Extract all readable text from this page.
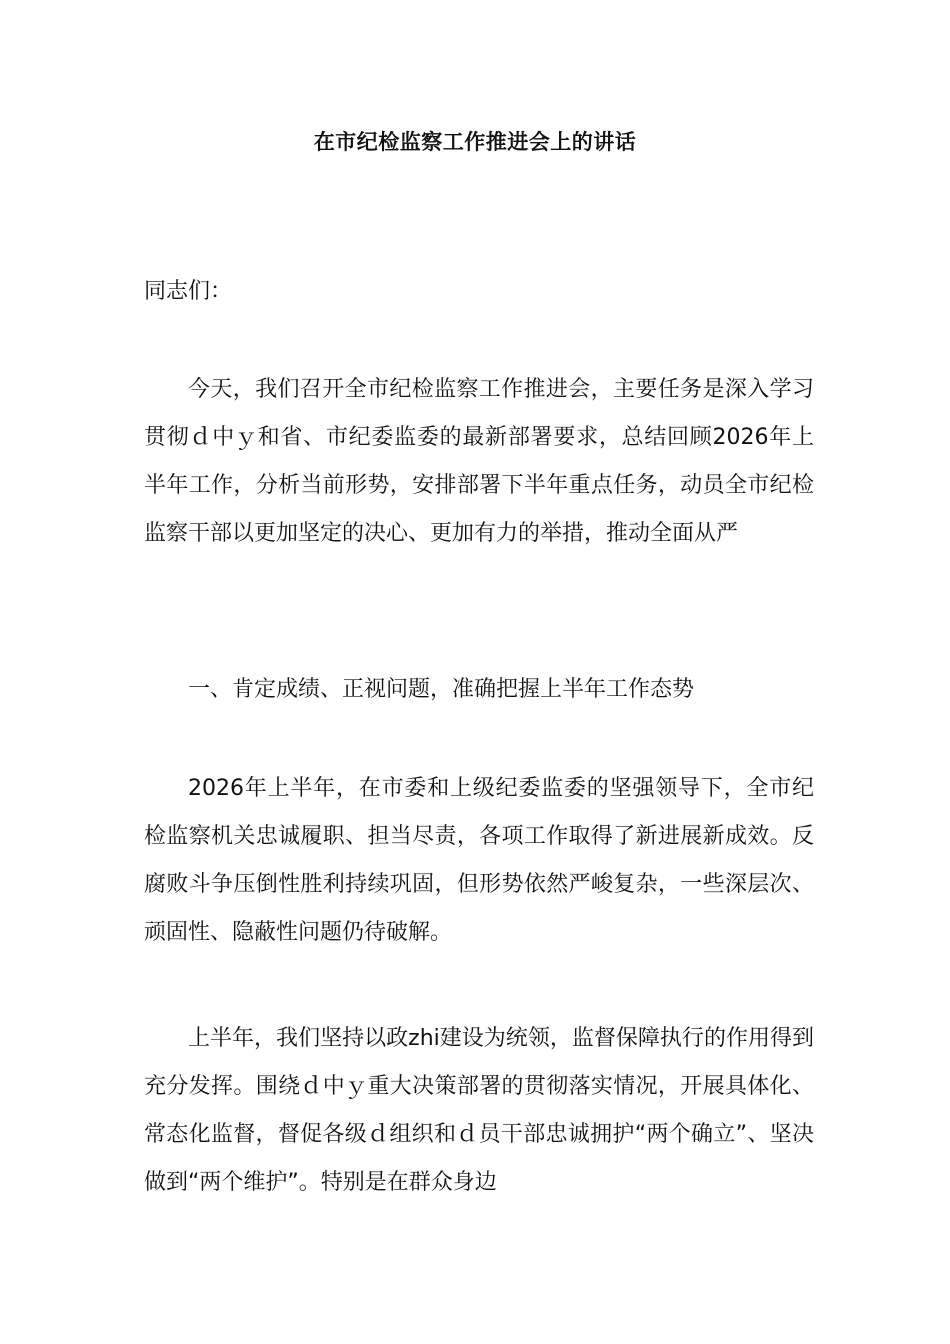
在市纪检监察工作推进会上的讲话
同志们：

今天，我们召开全市纪检监察工作推进会，主要任务是深入学习贯彻ｄ中ｙ和省、市纪委监委的最新部署要求，总结回顾2026年上半年工作，分析当前形势，安排部署下半年重点任务，动员全市纪检监察干部以更加坚定的决心、更加有力的举措，推动全面从严

一、肯定成绩、正视问题，准确把握上半年工作态势

2026年上半年，在市委和上级纪委监委的坚强领导下，全市纪检监察机关忠诚履职、担当尽责，各项工作取得了新进展新成效。反腐败斗争压倒性胜利持续巩固，但形势依然严峻复杂，一些深层次、顽固性、隐蔽性问题仍待破解。

上半年，我们坚持以政zhi建设为统领，监督保障执行的作用得到充分发挥。围绕ｄ中ｙ重大决策部署的贯彻落实情况，开展具体化、常态化监督，督促各级ｄ组织和ｄ员干部忠诚拥护“两个确立”、坚决做到“两个维护”。特别是在群众身边
